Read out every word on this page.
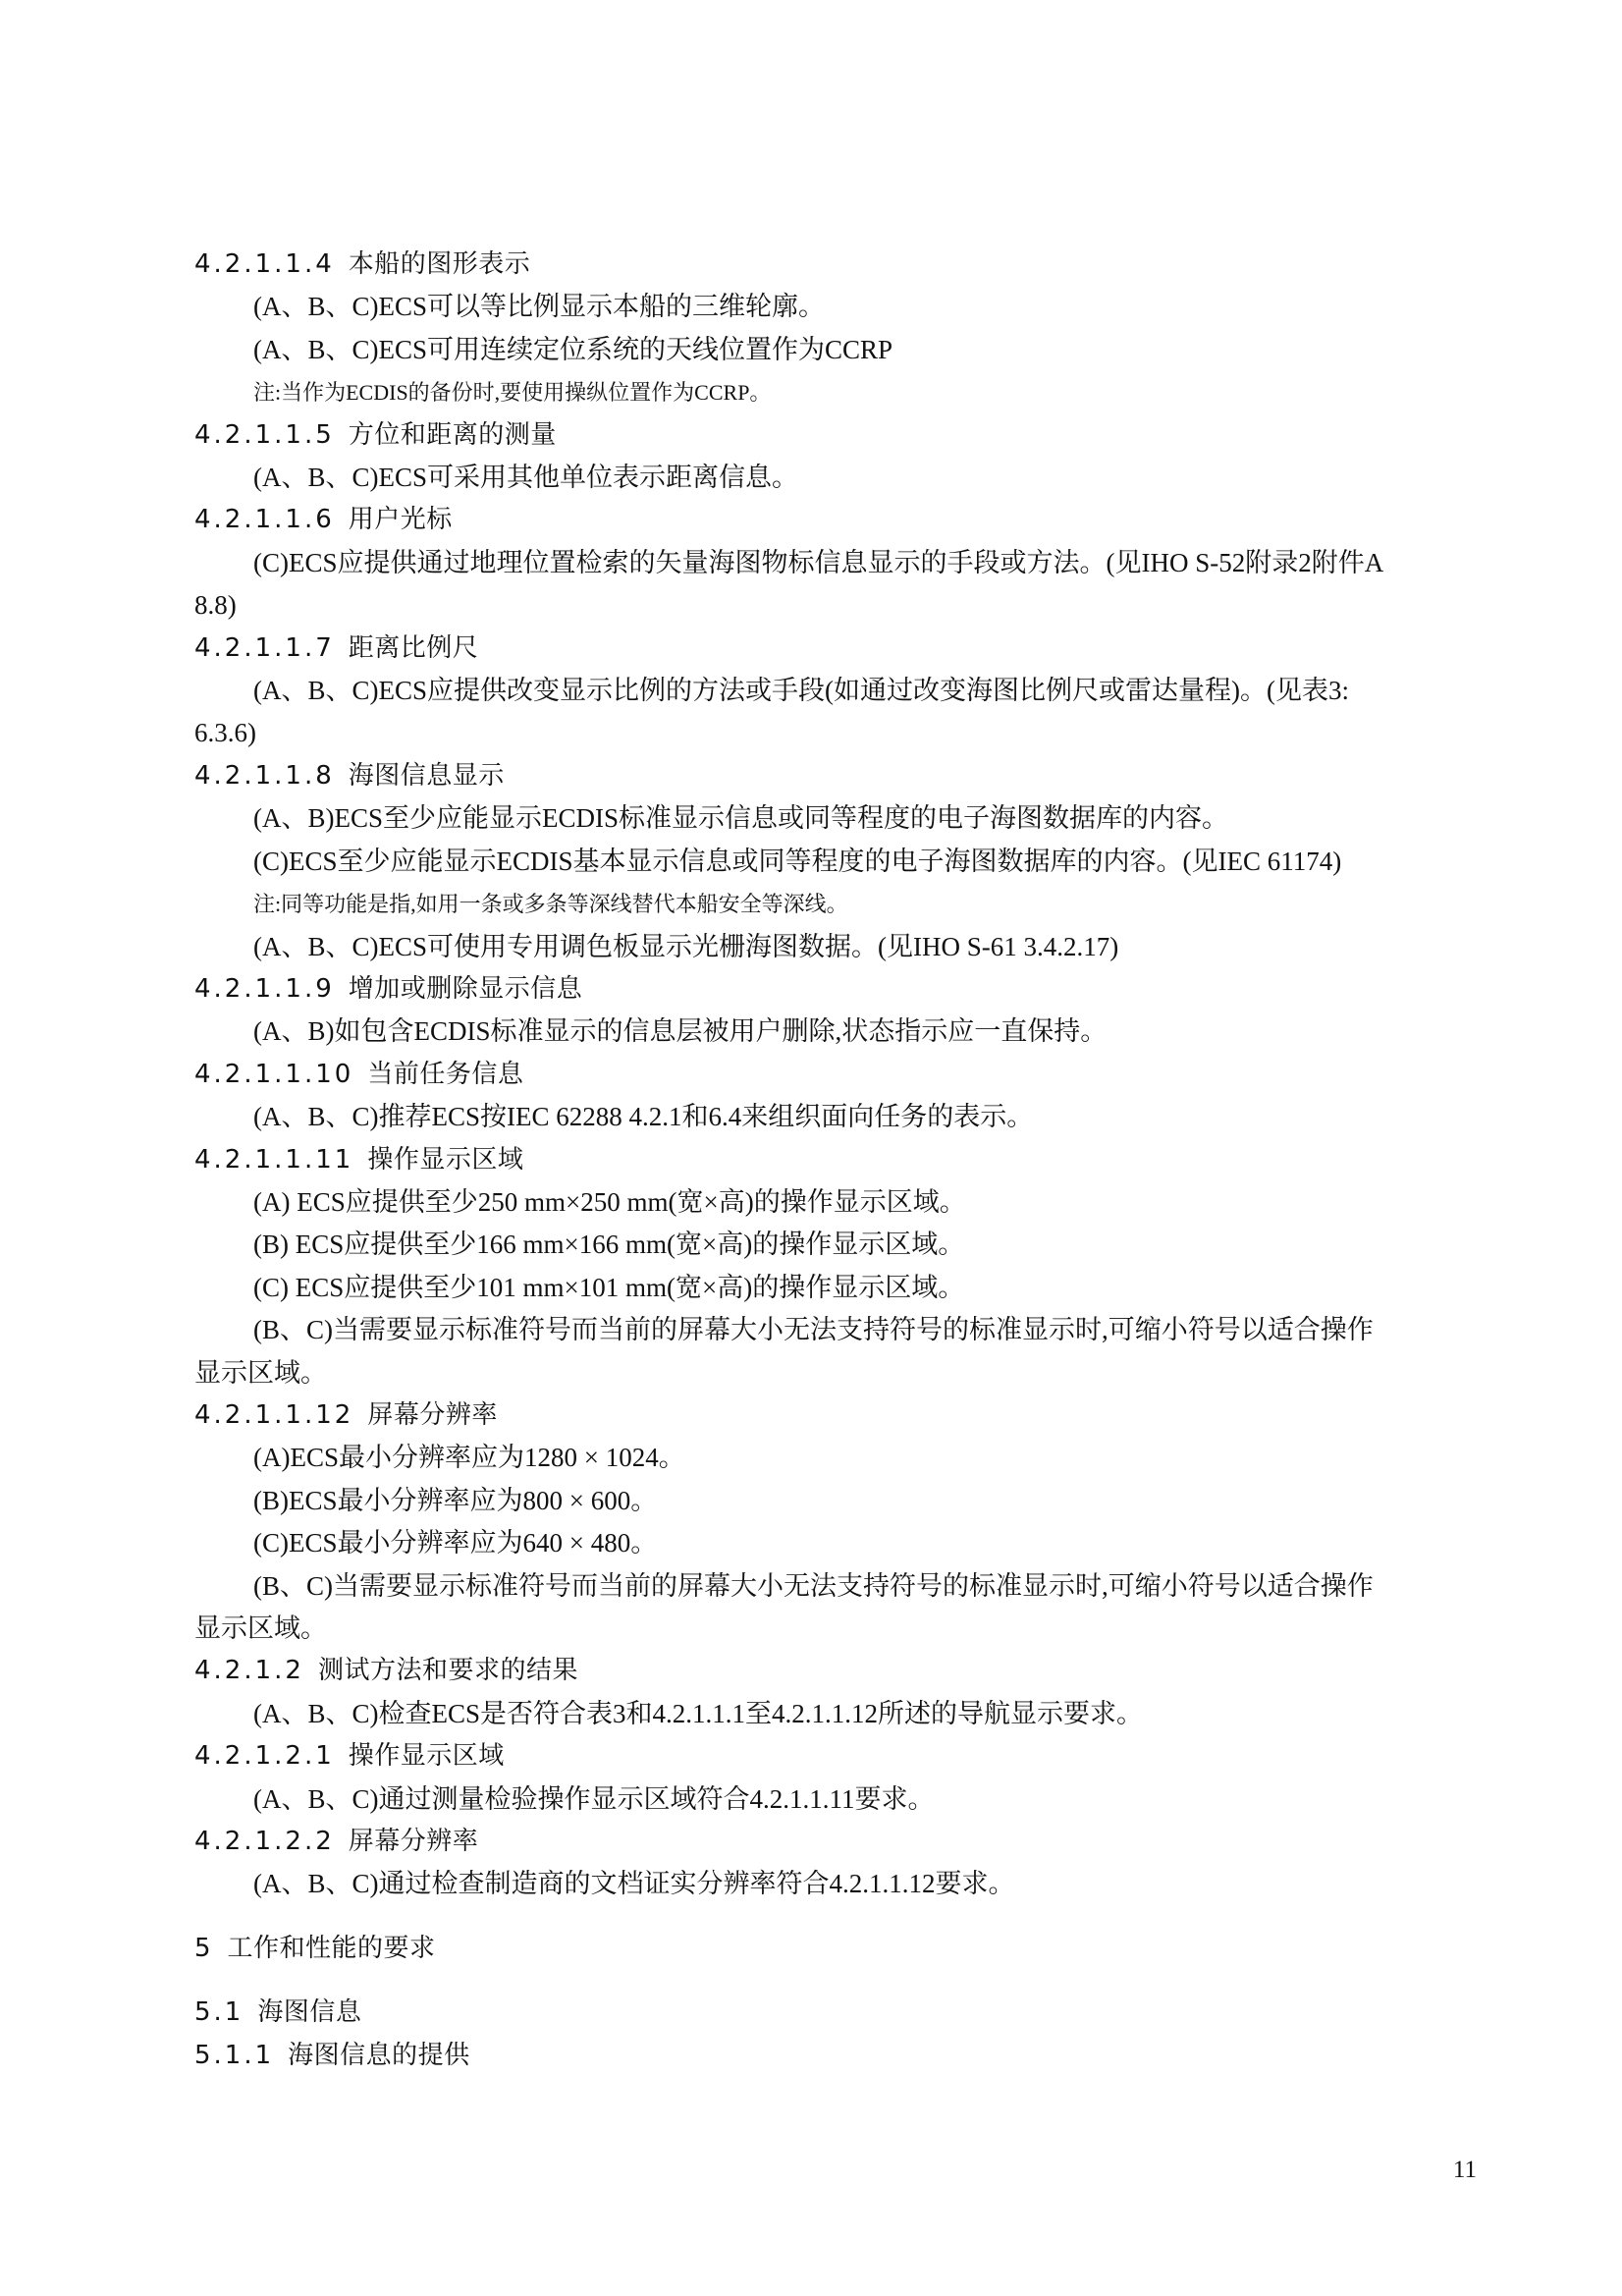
4.2.1.1.4 本船的图形表示
(A、B、C)ECS可以等比例显示本船的三维轮廓。
(A、B、C)ECS可用连续定位系统的天线位置作为CCRP
注:当作为ECDIS的备份时,要使用操纵位置作为CCRP。
4.2.1.1.5 方位和距离的测量
(A、B、C)ECS可采用其他单位表示距离信息。
4.2.1.1.6 用户光标
(C)ECS应提供通过地理位置检索的矢量海图物标信息显示的手段或方法。(见IHO S-52附录2附件A
8.8)
4.2.1.1.7 距离比例尺
(A、B、C)ECS应提供改变显示比例的方法或手段(如通过改变海图比例尺或雷达量程)。(见表3:
6.3.6)
4.2.1.1.8 海图信息显示
(A、B)ECS至少应能显示ECDIS标准显示信息或同等程度的电子海图数据库的内容。
(C)ECS至少应能显示ECDIS基本显示信息或同等程度的电子海图数据库的内容。(见IEC 61174)
注:同等功能是指,如用一条或多条等深线替代本船安全等深线。
(A、B、C)ECS可使用专用调色板显示光栅海图数据。(见IHO S-61 3.4.2.17)
4.2.1.1.9 增加或删除显示信息
(A、B)如包含ECDIS标准显示的信息层被用户删除,状态指示应一直保持。
4.2.1.1.10 当前任务信息
(A、B、C)推荐ECS按IEC 62288 4.2.1和6.4来组织面向任务的表示。
4.2.1.1.11 操作显示区域
(A) ECS应提供至少250 mm×250 mm(宽×高)的操作显示区域。
(B) ECS应提供至少166 mm×166 mm(宽×高)的操作显示区域。
(C) ECS应提供至少101 mm×101 mm(宽×高)的操作显示区域。
(B、C)当需要显示标准符号而当前的屏幕大小无法支持符号的标准显示时,可缩小符号以适合操作
显示区域。
4.2.1.1.12 屏幕分辨率
(A)ECS最小分辨率应为1280 × 1024。
(B)ECS最小分辨率应为800 × 600。
(C)ECS最小分辨率应为640 × 480。
(B、C)当需要显示标准符号而当前的屏幕大小无法支持符号的标准显示时,可缩小符号以适合操作
显示区域。
4.2.1.2 测试方法和要求的结果
(A、B、C)检查ECS是否符合表3和4.2.1.1.1至4.2.1.1.12所述的导航显示要求。
4.2.1.2.1 操作显示区域
(A、B、C)通过测量检验操作显示区域符合4.2.1.1.11要求。
4.2.1.2.2 屏幕分辨率
(A、B、C)通过检查制造商的文档证实分辨率符合4.2.1.1.12要求。
5 工作和性能的要求
5.1 海图信息
5.1.1 海图信息的提供
11
